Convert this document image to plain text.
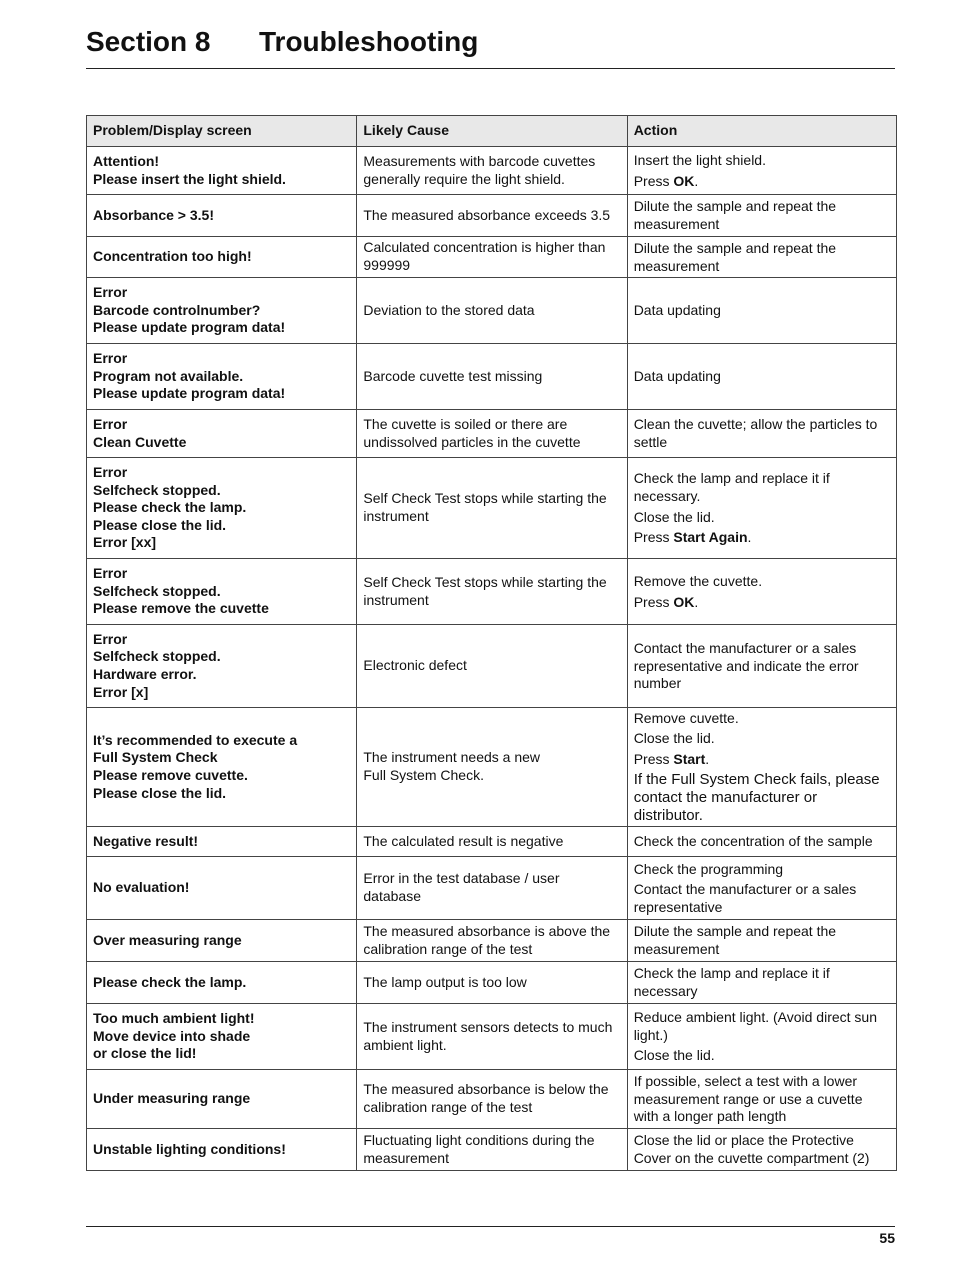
Section 8 Troubleshooting
Problem/Display screen	Likely Cause	Action

Attention!
Please insert the light shield.	Measurements with barcode cuvettes generally require the light shield.	Insert the light shield.
Press OK.

Absorbance > 3.5!	The measured absorbance exceeds 3.5	Dilute the sample and repeat the measurement

Concentration too high!	Calculated concentration is higher than 999999	Dilute the sample and repeat the measurement

Error
Barcode controlnumber?
Please update program data!	Deviation to the stored data	Data updating

Error
Program not available.
Please update program data!	Barcode cuvette test missing	Data updating

Error
Clean Cuvette	The cuvette is soiled or there are undissolved particles in the cuvette	Clean the cuvette; allow the particles to settle

Error
Selfcheck stopped.
Please check the lamp.
Please close the lid.
Error [xx]	Self Check Test stops while starting the instrument	Check the lamp and replace it if necessary.
Close the lid.
Press Start Again.

Error
Selfcheck stopped.
Please remove the cuvette	Self Check Test stops while starting the instrument	Remove the cuvette.
Press OK.

Error
Selfcheck stopped.
Hardware error.
Error [x]	Electronic defect	Contact the manufacturer or a sales representative and indicate the error number

It’s recommended to execute a
Full System Check
Please remove cuvette.
Please close the lid.	The instrument needs a new
Full System Check.	Remove cuvette.
Close the lid.
Press Start.
If the Full System Check fails, please contact the manufacturer or distributor.

Negative result!	The calculated result is negative	Check the concentration of the sample

No evaluation!	Error in the test database / user database	Check the programming
Contact the manufacturer or a sales representative

Over measuring range	The measured absorbance is above the calibration range of the test	Dilute the sample and repeat the measurement

Please check the lamp.	The lamp output is too low	Check the lamp and replace it if necessary

Too much ambient light!
Move device into shade
or close the lid!	The instrument sensors detects to much ambient light.	Reduce ambient light. (Avoid direct sun light.)
Close the lid.

Under measuring range	The measured absorbance is below the calibration range of the test	If possible, select a test with a lower measurement range or use a cuvette with a longer path length

Unstable lighting conditions!	Fluctuating light conditions during the measurement	Close the lid or place the Protective Cover on the cuvette compartment (2)
55
